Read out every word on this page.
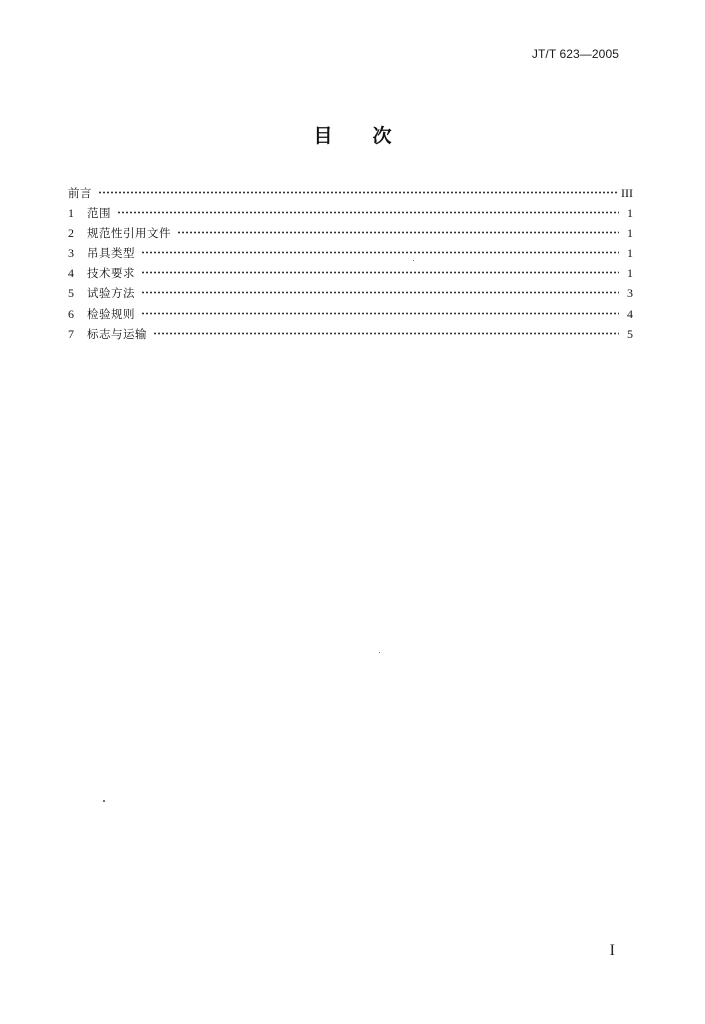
JT/T 623—2005
目 次
前言	III
1	范围	1
2	规范性引用文件	1
3	吊具类型	1
4	技术要求	1
5	试验方法	3
6	检验规则	4
7	标志与运输	5
I
